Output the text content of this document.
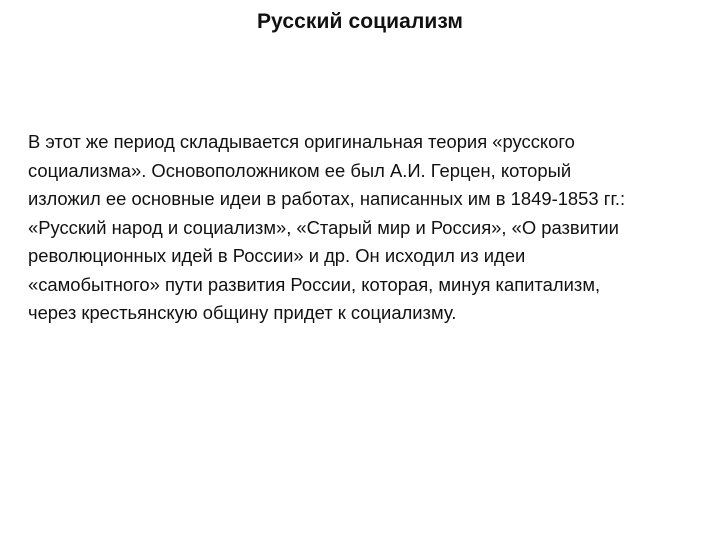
Русский социализм

В этот же период складывается оригинальная теория «русского
социализма». Основоположником ее был А.И. Герцен, который
изложил ее основные идеи в работах, написанных им в 1849-1853 гг.:
«Русский народ и социализм», «Старый мир и Россия», «О развитии
революционных идей в России» и др. Он исходил из идеи
«самобытного» пути развития России, которая, минуя капитализм,
через крестьянскую общину придет к социализму.
